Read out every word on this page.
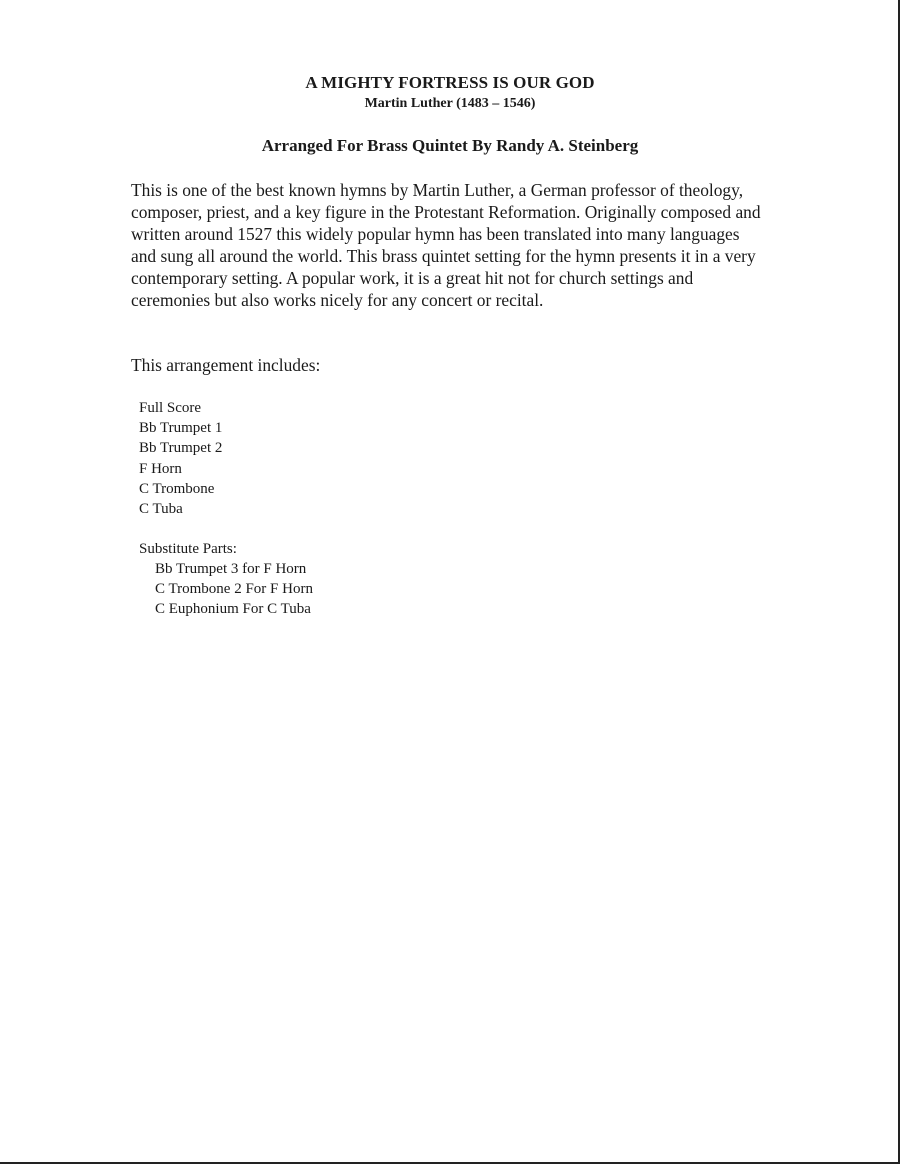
A MIGHTY FORTRESS IS OUR GOD
Martin Luther (1483 – 1546)
Arranged For Brass Quintet By Randy A. Steinberg

This is one of the best known hymns by Martin Luther, a German professor of theology, composer, priest, and a key figure in the Protestant Reformation. Originally composed and written around 1527 this widely popular hymn has been translated into many languages and sung all around the world. This brass quintet setting for the hymn presents it in a very contemporary setting. A popular work, it is a great hit not for church settings and ceremonies but also works nicely for any concert or recital.

This arrangement includes:

Full Score
Bb Trumpet 1
Bb Trumpet 2
F Horn
C Trombone
C Tuba

Substitute Parts:

Bb Trumpet 3 for F Horn
C Trombone 2 For F Horn
C Euphonium For C Tuba
